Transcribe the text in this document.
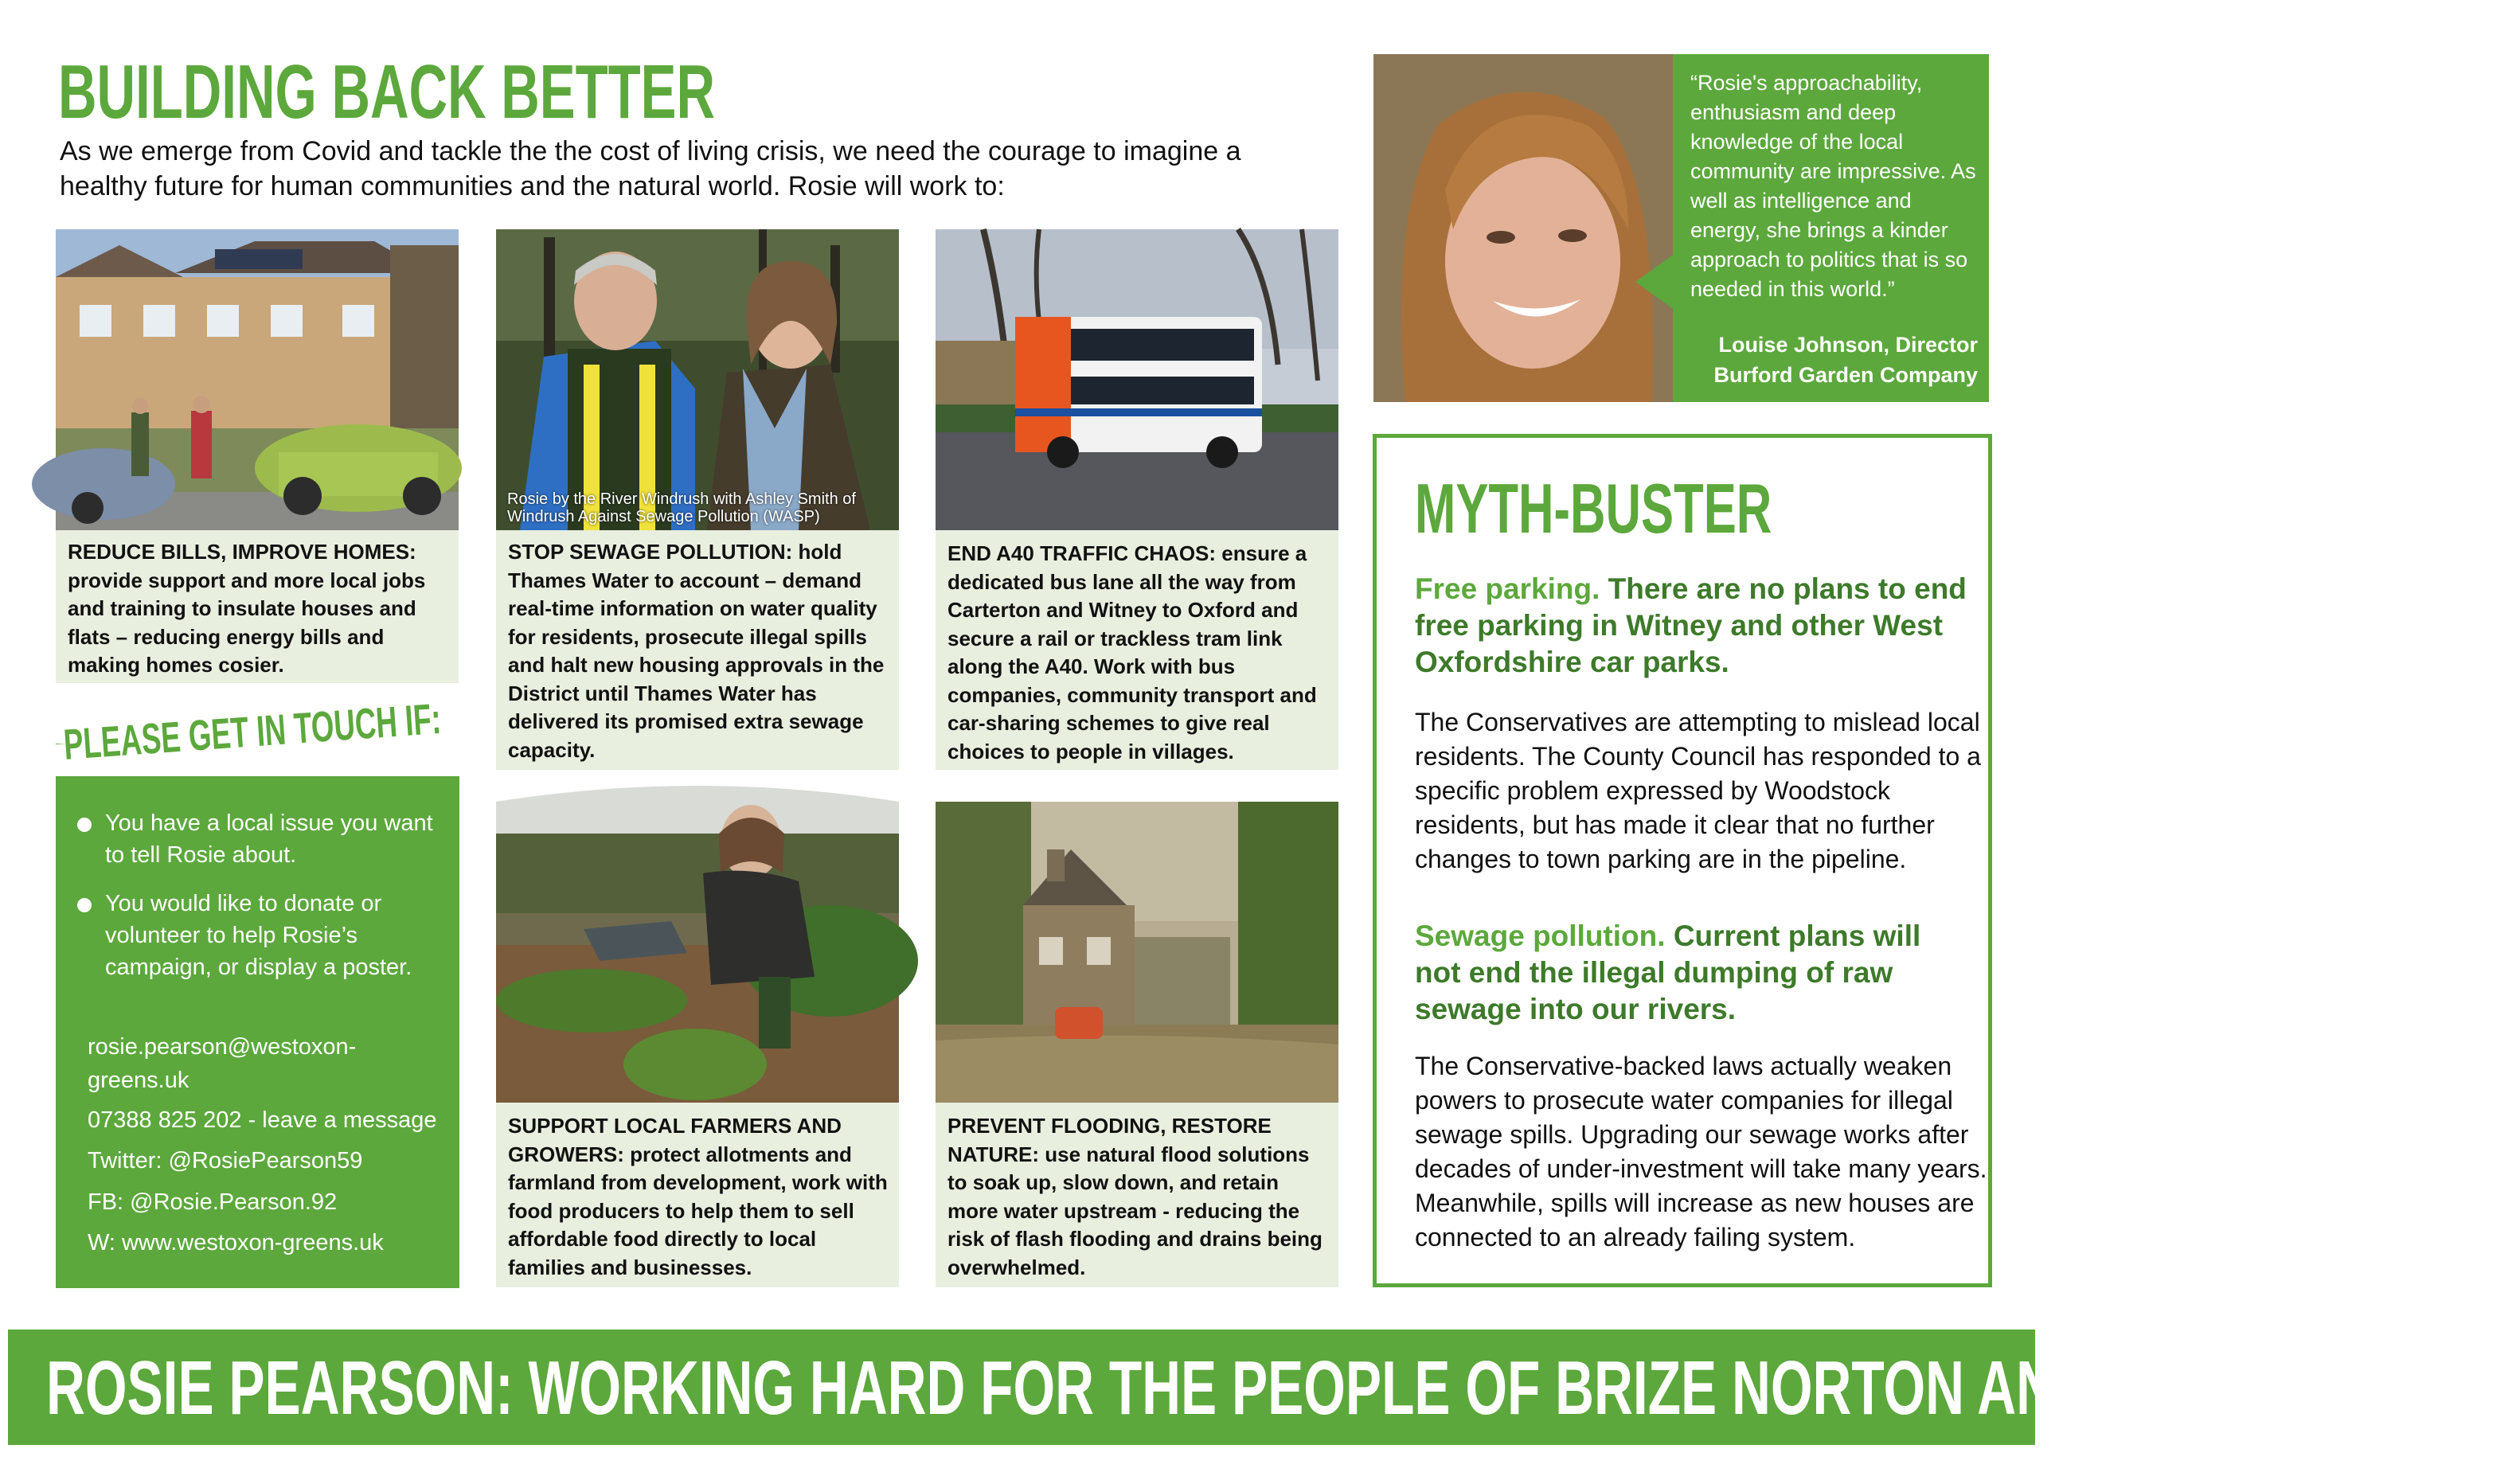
BUILDING BACK BETTER
As we emerge from Covid and tackle the the cost of living crisis, we need the courage to imagine a healthy future for human communities and the natural world. Rosie will work to:
REDUCE BILLS, IMPROVE HOMES: provide support and more local jobs and training to insulate houses and flats – reducing energy bills and making homes cosier.
Rosie by the River Windrush with Ashley Smith of Windrush Against Sewage Pollution (WASP)
STOP SEWAGE POLLUTION: hold Thames Water to account – demand real-time information on water quality for residents, prosecute illegal spills and halt new housing approvals in the District until Thames Water has delivered its promised extra sewage capacity.
END A40 TRAFFIC CHAOS: ensure a dedicated bus lane all the way from Carterton and Witney to Oxford and secure a rail or trackless tram link along the A40. Work with bus companies, community transport and car-sharing schemes to give real choices to people in villages.
SUPPORT LOCAL FARMERS AND GROWERS: protect allotments and farmland from development, work with food producers to help them to sell affordable food directly to local families and businesses.
PREVENT FLOODING, RESTORE NATURE: use natural flood solutions to soak up, slow down, and retain more water upstream - reducing the risk of flash flooding and drains being overwhelmed.
You have a local issue you want to tell Rosie about.
You would like to donate or volunteer to help Rosie’s campaign, or display a poster.
rosie.pearson@westoxon-greens.uk
07388 825 202 - leave a message
Twitter: @RosiePearson59
FB: @Rosie.Pearson.92
W: www.westoxon-greens.uk
PLEASE GET IN TOUCH IF:
“Rosie's approachability, enthusiasm and deep knowledge of the local community are impressive. As well as intelligence and energy, she brings a kinder approach to politics that is so needed in this world.”
Louise Johnson, Director
Burford Garden Company
MYTH-BUSTER
Free parking. There are no plans to end free parking in Witney and other West Oxfordshire car parks.
The Conservatives are attempting to mislead local residents. The County Council has responded to a specific problem expressed by Woodstock residents, but has made it clear that no further changes to town parking are in the pipeline.
Sewage pollution. Current plans will not end the illegal dumping of raw sewage into our rivers.
The Conservative-backed laws actually weaken powers to prosecute water companies for illegal sewage spills. Upgrading our sewage works after decades of under-investment will take many years. Meanwhile, spills will increase as new houses are connected to an already failing system.
ROSIE PEARSON: WORKING HARD FOR THE PEOPLE OF BRIZE NORTON AND SHILTON WARD
